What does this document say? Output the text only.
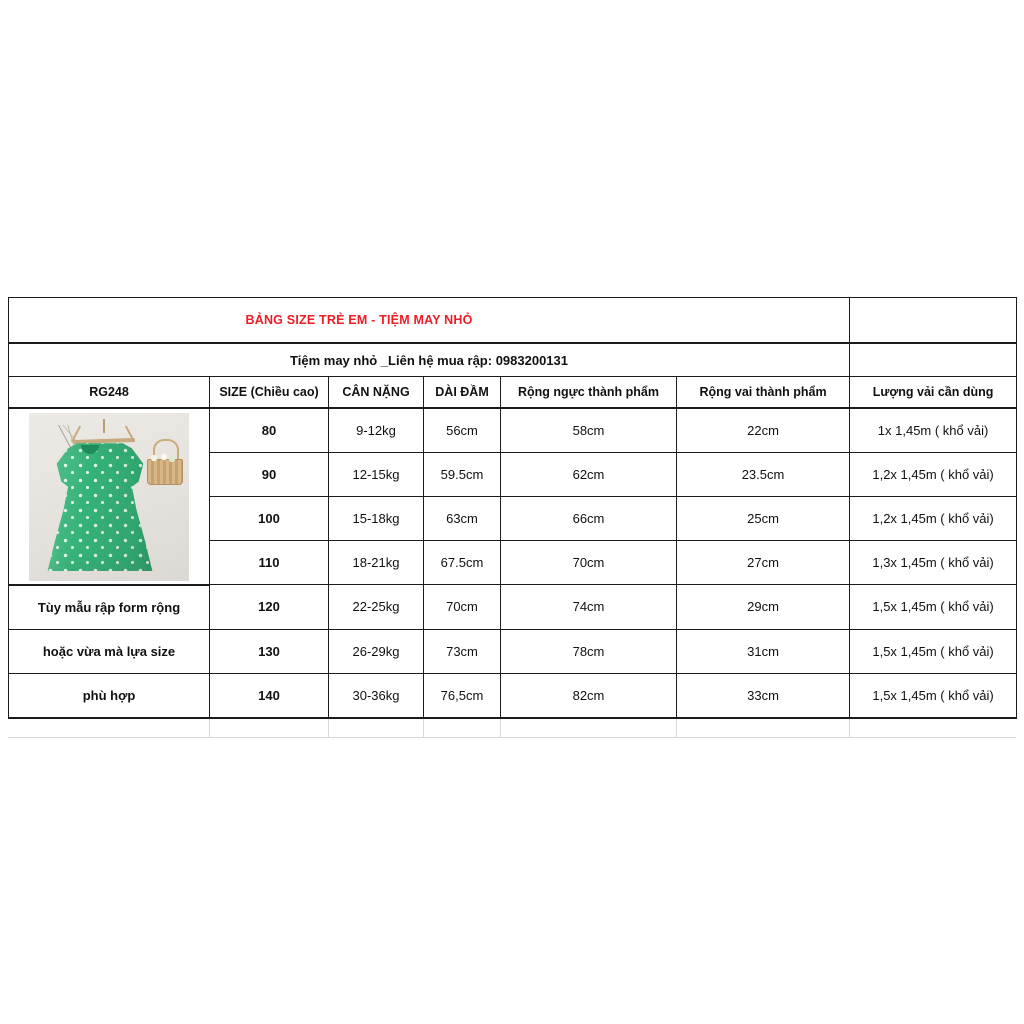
BẢNG SIZE TRẺ EM - TIỆM MAY NHỎ						

Tiệm may nhỏ _Liên hệ mua rập: 0983200131						
RG248	SIZE (Chiều cao)	CÂN NẶNG	DÀI ĐẦM	Rộng ngực thành phẩm	Rộng vai thành phẩm	Lượng vải cần dùng

	80	9-12kg	56cm	58cm	22cm	1x 1,45m ( khổ vải)
	90	12-15kg	59.5cm	62cm	23.5cm	1,2x 1,45m ( khổ vải)
	100	15-18kg	63cm	66cm	25cm	1,2x 1,45m ( khổ vải)
	110	18-21kg	67.5cm	70cm	27cm	1,3x 1,45m ( khổ vải)
Tùy mẫu rập form rộng	120	22-25kg	70cm	74cm	29cm	1,5x 1,45m ( khổ vải)
hoặc vừa mà lựa size	130	26-29kg	73cm	78cm	31cm	1,5x 1,45m ( khổ vải)
phù hợp	140	30-36kg	76,5cm	82cm	33cm	1,5x 1,45m ( khổ vải)
